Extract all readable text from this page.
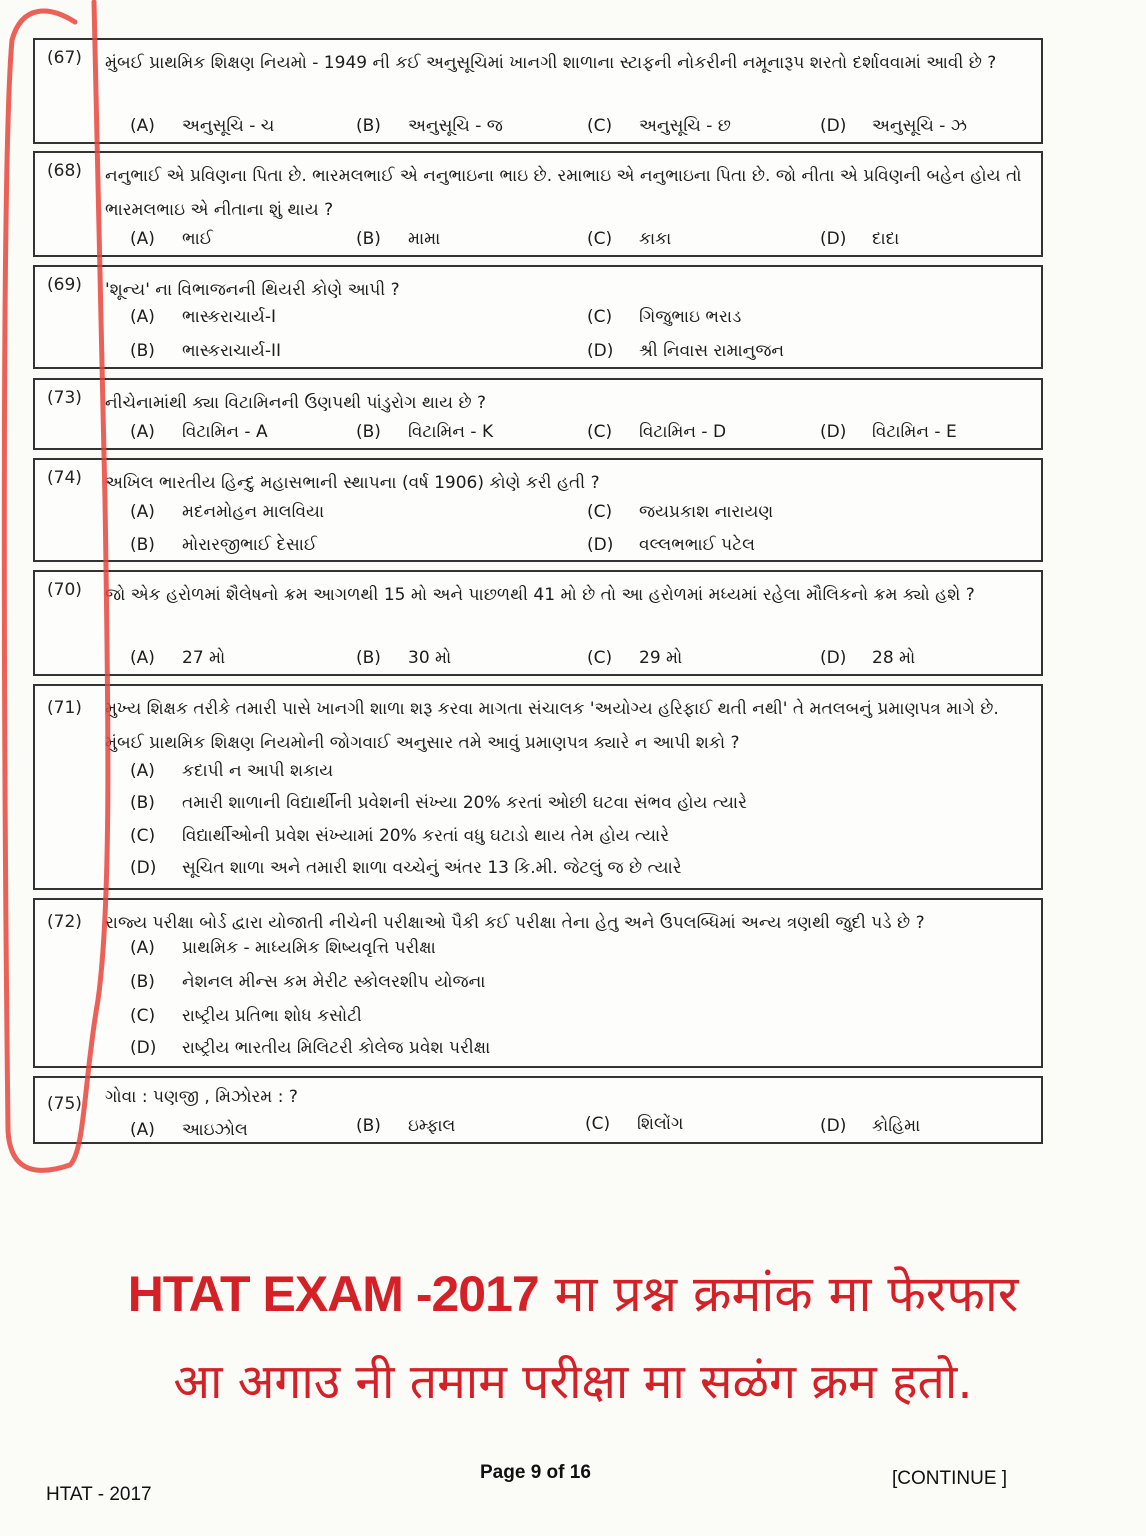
(67) મુંબઈ પ્રાથમિક શિક્ષણ નિયમો - 1949 ની કઈ અનુસૂચિમાં ખાનગી શાળાના સ્ટાફની નોકરીની નમૂનારૂપ શરતો દર્શાવવામાં આવી છે ?
(A) અનુસૂચિ - ચ	(B) અનુસૂચિ - જ	(C) અનુસૂચિ - છ	(D) અનુસૂચિ - ઝ
(68) નનુભાઈ એ પ્રવિણના પિતા છે. ભારમલભાઈ એ નનુભાઇના ભાઇ છે. રમાભાઇ એ નનુભાઇના પિતા છે. જો નીતા એ પ્રવિણની બહેન હોય તો ભારમલભાઇ એ નીતાના શું થાય ?
(A) ભાઈ	(B) મામા	(C) કાકા	(D) દાદા
(69) 'શૂન્ય' ના વિભાજનની થિયરી કોણે આપી ?
(A) ભાસ્કરાચાર્ય-I	(C) ગિજુભાઇ ભરાડ
(B) ભાસ્કરાચાર્ય-II	(D) શ્રી નિવાસ રામાનુજન
(73) નીચેનામાંથી ક્યા વિટામિનની ઉણપથી પાંડુરોગ થાય છે ?
(A) વિટામિન - A	(B) વિટામિન - K	(C) વિટામિન - D	(D) વિટામિન - E
(74) અખિલ ભારતીય હિન્દુ મહાસભાની સ્થાપના (વર્ષ 1906) કોણે કરી હતી ?
(A) મદનમોહન માલવિયા	(C) જયપ્રકાશ નારાયણ
(B) મોરારજીભાઈ દેસાઈ	(D) વલ્લભભાઈ પટેલ
(70) જો એક હરોળમાં શૈલેષનો ક્રમ આગળથી 15 મો અને પાછળથી 41 મો છે તો આ હરોળમાં મધ્યમાં રહેલા મૌલિકનો ક્રમ ક્યો હશે ?
(A) 27 મો	(B) 30 મો	(C) 29 મો	(D) 28 મો
(71) મુખ્ય શિક્ષક તરીકે તમારી પાસે ખાનગી શાળા શરૂ કરવા માગતા સંચાલક 'અયોગ્ય હરિફાઈ થતી નથી' તે મતલબનું પ્રમાણપત્ર માગે છે. મુંબઈ પ્રાથમિક શિક્ષણ નિયમોની જોગવાઈ અનુસાર તમે આવું પ્રમાણપત્ર ક્યારે ન આપી શકો ?
(A) કદાપી ન આપી શકાય
(B) તમારી શાળાની વિદ્યાર્થીની પ્રવેશની સંખ્યા 20% કરતાં ઓછી ઘટવા સંભવ હોય ત્યારે
(C) વિદ્યાર્થીઓની પ્રવેશ સંખ્યામાં 20% કરતાં વધુ ઘટાડો થાય તેમ હોય ત્યારે
(D) સૂચિત શાળા અને તમારી શાળા વચ્ચેનું અંતર 13 કિ.મી. જેટલું જ છે ત્યારે
(72) રાજ્ય પરીક્ષા બોર્ડ દ્વારા યોજાતી નીચેની પરીક્ષાઓ પૈકી કઈ પરીક્ષા તેના હેતુ અને ઉપલબ્ધિમાં અન્ય ત્રણથી જુદી પડે છે ?
(A) પ્રાથમિક - માધ્યમિક શિષ્યવૃત્તિ પરીક્ષા
(B) નેશનલ મીન્સ કમ મેરીટ સ્કોલરશીપ યોજના
(C) રાષ્ટ્રીય પ્રતિભા શોધ કસોટી
(D) રાષ્ટ્રીય ભારતીય મિલિટરી કોલેજ પ્રવેશ પરીક્ષા
(75) ગોવા : પણજી , મિઝોરમ : ?
(A) આઇઝોલ	(B) ઇમ્ફાલ	(C) શિલોંગ	(D) કોહિમા
HTAT EXAM -2017 मा प्रश्न क्रमांक मा फेरफार
आ अगाउ नी तमाम परीक्षा मा सळंग क्रम हतो.
Page 9 of 16	[CONTINUE ]
HTAT - 2017
